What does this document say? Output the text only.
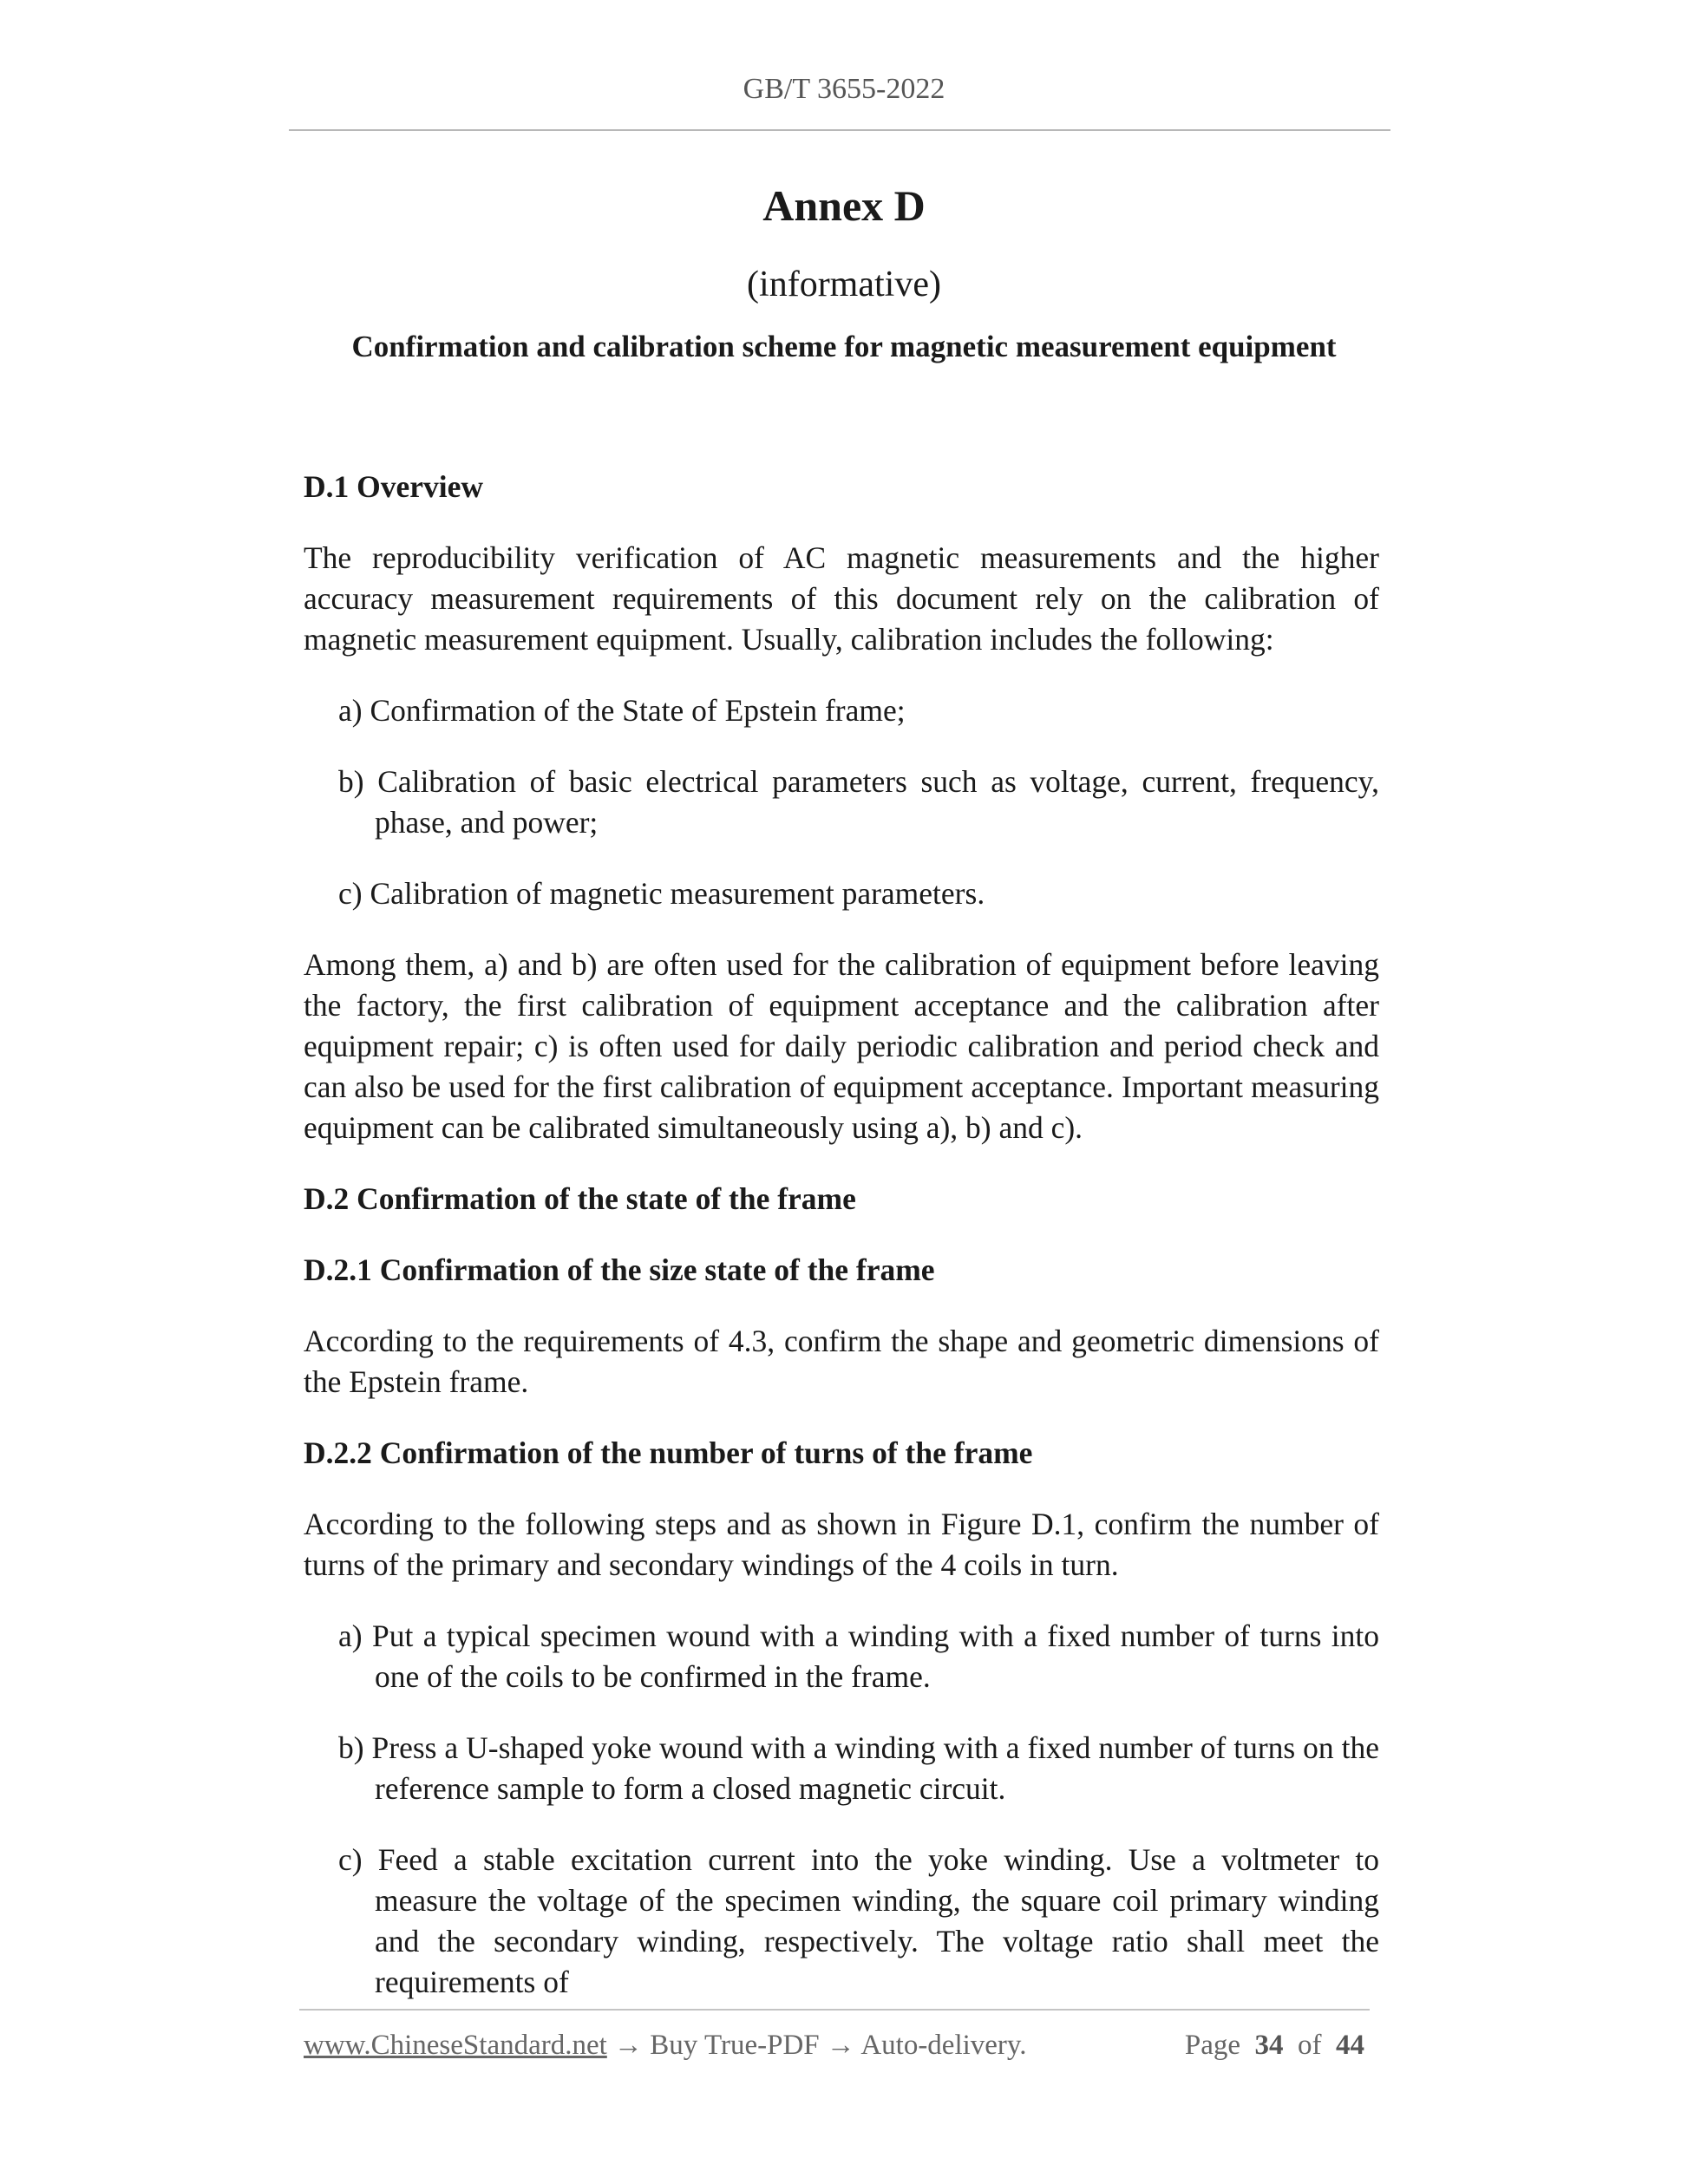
GB/T 3655-2022
Annex D
(informative)
Confirmation and calibration scheme for magnetic measurement equipment

D.1 Overview

The reproducibility verification of AC magnetic measurements and the higher accuracy measurement requirements of this document rely on the calibration of magnetic measurement equipment. Usually, calibration includes the following:

a) Confirmation of the State of Epstein frame;

b) Calibration of basic electrical parameters such as voltage, current, frequency, phase, and power;

c) Calibration of magnetic measurement parameters.

Among them, a) and b) are often used for the calibration of equipment before leaving the factory, the first calibration of equipment acceptance and the calibration after equipment repair; c) is often used for daily periodic calibration and period check and can also be used for the first calibration of equipment acceptance. Important measuring equipment can be calibrated simultaneously using a), b) and c).

D.2 Confirmation of the state of the frame

D.2.1 Confirmation of the size state of the frame

According to the requirements of 4.3, confirm the shape and geometric dimensions of the Epstein frame.

D.2.2 Confirmation of the number of turns of the frame

According to the following steps and as shown in Figure D.1, confirm the number of turns of the primary and secondary windings of the 4 coils in turn.

a) Put a typical specimen wound with a winding with a fixed number of turns into one of the coils to be confirmed in the frame.

b) Press a U-shaped yoke wound with a winding with a fixed number of turns on the reference sample to form a closed magnetic circuit.

c) Feed a stable excitation current into the yoke winding. Use a voltmeter to measure the voltage of the specimen winding, the square coil primary winding and the secondary winding, respectively. The voltage ratio shall meet the requirements of

www.ChineseStandard.net → Buy True-PDF → Auto-delivery.	Page 34 of 44
